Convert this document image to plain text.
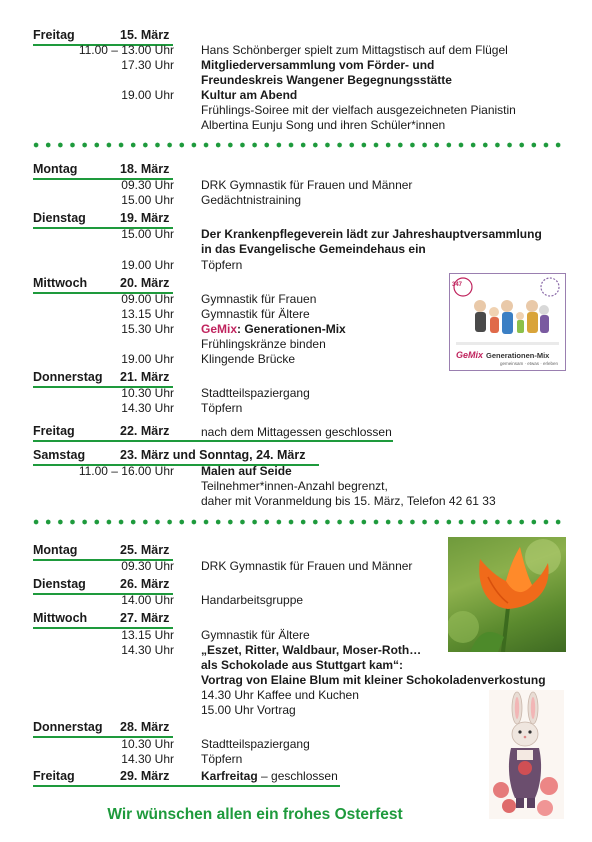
Freitag	15. März
11.00 – 13.00 Uhr Hans Schönberger spielt zum Mittagstisch auf dem Flügel
17.30 Uhr Mitgliederversammlung vom Förder- und
Freundeskreis Wangener Begegnungsstätte
19.00 Uhr Kultur am Abend
Frühlings-Soiree mit der vielfach ausgezeichneten Pianistin
Albertina Eunju Song und ihren Schüler*innen
Montag	18. März
09.30 Uhr DRK Gymnastik für Frauen und Männer
15.00 Uhr Gedächtnistraining
Dienstag	19. März
15.00 Uhr Der Krankenpflegeverein lädt zur Jahreshauptversammlung
in das Evangelische Gemeindehaus ein
19.00 Uhr Töpfern
Mittwoch	20. März
09.00 Uhr Gymnastik für Frauen
13.15 Uhr Gymnastik für Ältere
15.30 Uhr GeMix: Generationen-Mix
Frühlingskränze binden
19.00 Uhr Klingende Brücke
347
GeMix Generationen-Mix
gemeinsam · etwas · erleben
Donnerstag 21. März
10.30 Uhr Stadtteilspaziergang
14.30 Uhr Töpfern
Freitag	22. März	nach dem Mittagessen geschlossen
Samstag	23. März und Sonntag, 24. März
11.00 – 16.00 Uhr Malen auf Seide
Teilnehmer*innen-Anzahl begrenzt,
daher mit Voranmeldung bis 15. März, Telefon 42 61 33
Montag	25. März
09.30 Uhr DRK Gymnastik für Frauen und Männer
Dienstag	26. März
14.00 Uhr Handarbeitsgruppe
Mittwoch	27. März
13.15 Uhr Gymnastik für Ältere
14.30 Uhr „Eszet, Ritter, Waldbaur, Moser-Roth…
als Schokolade aus Stuttgart kam“:
Vortrag von Elaine Blum mit kleiner Schokoladenverkostung
14.30 Uhr Kaffee und Kuchen
15.00 Uhr Vortrag
Donnerstag 28. März
10.30 Uhr Stadtteilspaziergang
14.30 Uhr Töpfern
Freitag	29. März	Karfreitag – geschlossen
Wir wünschen allen ein frohes Osterfest
